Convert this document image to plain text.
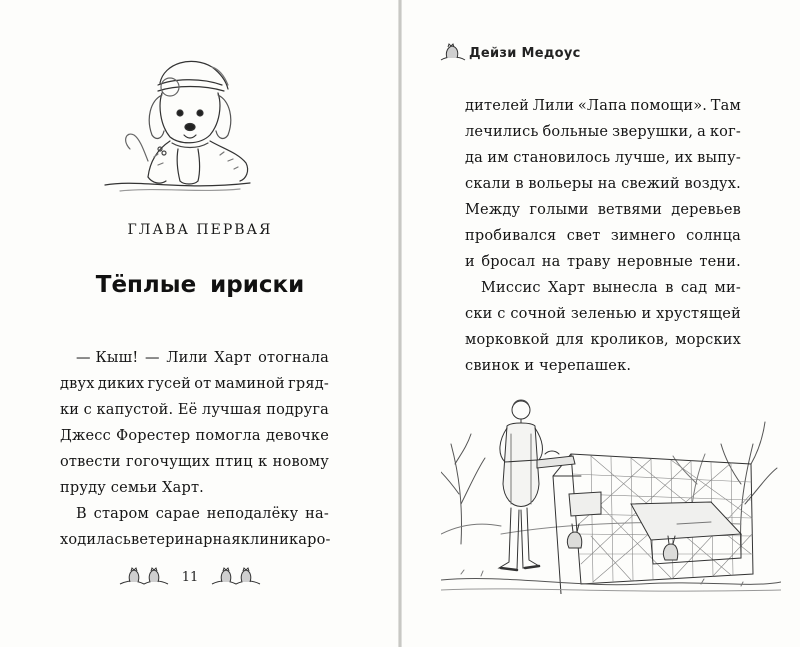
ГЛАВА ПЕРВАЯ
Тёплые ириски
— Кыш! — Лили Харт отогнала
двух диких гусей от маминой гряд-
ки с капустой. Её лучшая подруга
Джесс Форестер помогла девочке
отвести гогочущих птиц к новому
пруду семьи Харт.
В старом сарае неподалёку на-
ходилась ветеринарная клиника ро-
11
Дейзи Медоус
дителей Лили «Лапа помощи». Там
лечились больные зверушки, а ког-
да им становилось лучше, их выпу-
скали в вольеры на свежий воздух.
Между голыми ветвями деревьев
пробивался свет зимнего солнца
и бросал на траву неровные тени.
Миссис Харт вынесла в сад ми-
ски с сочной зеленью и хрустящей
морковкой для кроликов, морских
свинок и черепашек.
